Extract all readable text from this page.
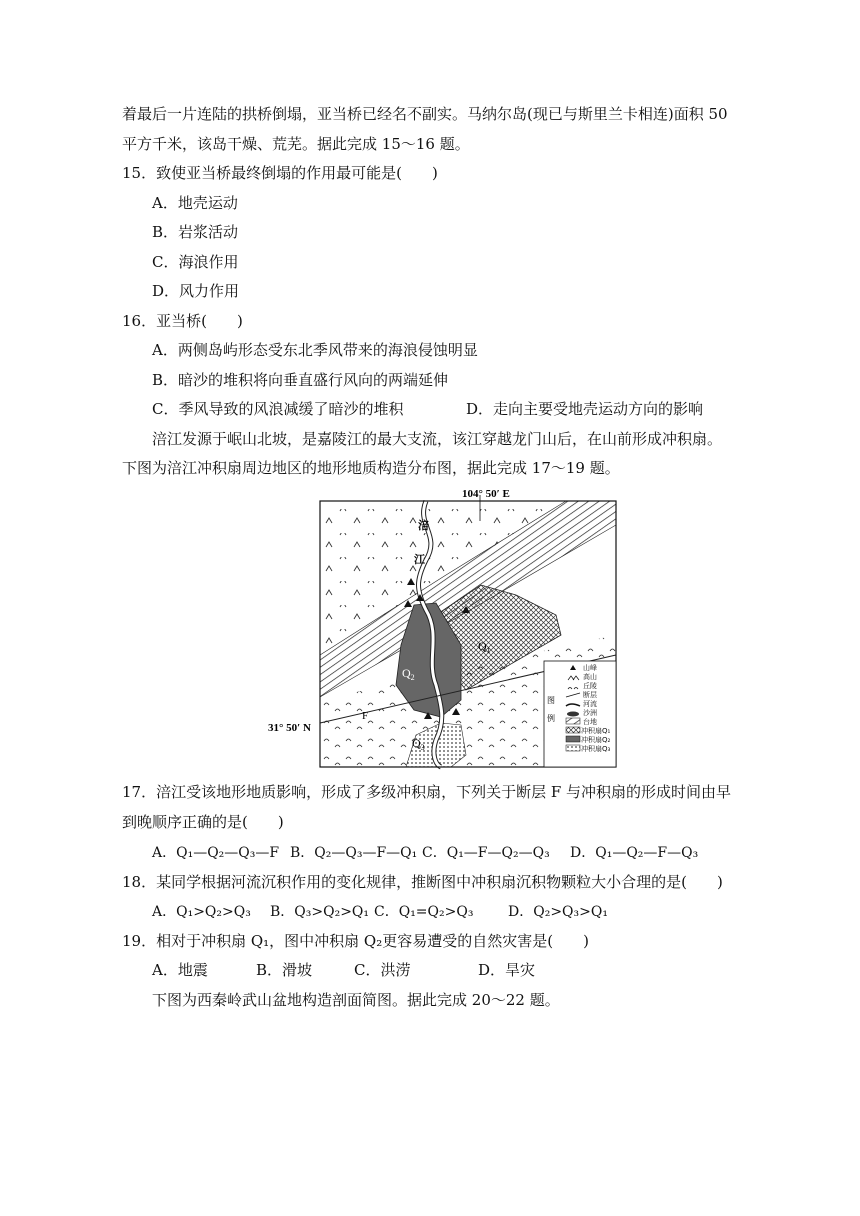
着最后一片连陆的拱桥倒塌，亚当桥已经名不副实。马纳尔岛(现已与斯里兰卡相连)面积 50
平方千米，该岛干燥、荒芜。据此完成 15～16 题。
15．致使亚当桥最终倒塌的作用最可能是(　　)
A．地壳运动
B．岩浆活动
C．海浪作用
D．风力作用
16．亚当桥(　　)
A．两侧岛屿形态受东北季风带来的海浪侵蚀明显
B．暗沙的堆积将向垂直盛行风向的两端延伸
C．季风导致的风浪减缓了暗沙的堆积	D．走向主要受地壳运动方向的影响
涪江发源于岷山北坡，是嘉陵江的最大支流，该江穿越龙门山后，在山前形成冲积扇。
下图为涪江冲积扇周边地区的地形地质构造分布图，据此完成 17～19 题。
104° 50′ E
31° 50′ N
涪
江
F
$Q_1$
$Q_2$
$Q_3$
图
例
山峰
高山
丘陵
断层
河流
沙洲
台地
冲积扇Q₁
冲积扇Q₂
冲积扇Q₃
17．涪江受该地形地质影响，形成了多级冲积扇，下列关于断层 F 与冲积扇的形成时间由早
到晚顺序正确的是(　　)
A．Q₁—Q₂—Q₃—F B．Q₂—Q₃—F—Q₁ C．Q₁—F—Q₂—Q₃ D．Q₁—Q₂—F—Q₃
18．某同学根据河流沉积作用的变化规律，推断图中冲积扇沉积物颗粒大小合理的是(　　)
A．Q₁>Q₂>Q₃ B．Q₃>Q₂>Q₁ C．Q₁=Q₂>Q₃ D．Q₂>Q₃>Q₁
19．相对于冲积扇 Q₁，图中冲积扇 Q₂更容易遭受的自然灾害是(　　)
A．地震	B．滑坡	C．洪涝	D．旱灾
下图为西秦岭武山盆地构造剖面简图。据此完成 20～22 题。
